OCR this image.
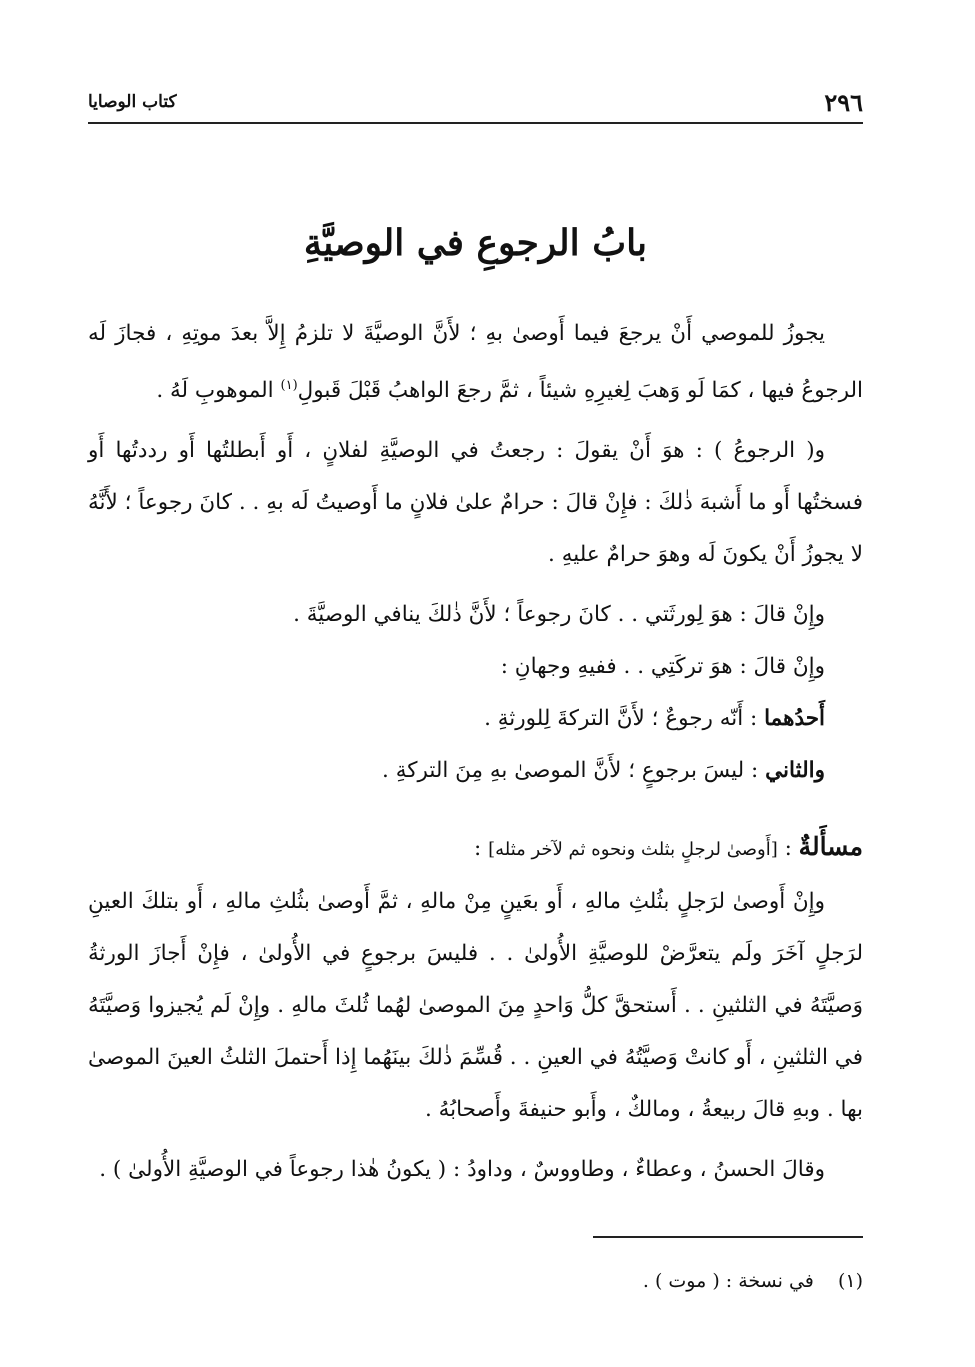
٢٩٦
كتاب الوصايا
بابُ الرجوعِ في الوصيَّةِ

يجوزُ للموصي أَنْ يرجعَ فيما أَوصىٰ بهِ ؛ لأَنَّ الوصيَّةَ لا تلزمُ إِلاَّ بعدَ موتِهِ ، فجازَ لَه الرجوعُ فيها ، كمَا لَو وَهبَ لِغيرِهِ شيئاً ، ثمَّ رجعَ الواهبُ قَبْلَ قَبولِ$^{(١)}$ الموهوبِ لَهُ .

و( الرجوعُ ) : هوَ أَنْ يقولَ : رجعتُ في الوصيَّةِ لفلانٍ ، أَو أَبطلتُها أَو رددتُها أَو فسختُها أَو ما أَشبهَ ذٰلكَ : فإِنْ قالَ : حرامٌ علىٰ فلانٍ ما أَوصيتُ لَه بهِ . . كانَ رجوعاً ؛ لأَنَّهُ لا يجوزُ أَنْ يكونَ لَه وهوَ حرامٌ عليهِ .

وإِنْ قالَ : هوَ لِورثَتي . . كانَ رجوعاً ؛ لأَنَّ ذٰلكَ ينافي الوصيَّةَ .

وإِنْ قالَ : هوَ تركَتِي . . ففيهِ وجهانِ :

أَحدُهما : أَنّه رجوعٌ ؛ لأَنَّ التركةَ لِلورثةِ .

والثاني : ليسَ برجوعٍ ؛ لأَنَّ الموصىٰ بهِ مِنَ التركةِ .

مسأَلةٌ : [أَوصىٰ لرجلٍ بثلث ونحوه ثم لآخر مثله] :

وإِنْ أَوصىٰ لرَجلٍ بثُلثِ مالهِ ، أَو بعَينٍ مِنْ مالهِ ، ثمَّ أَوصىٰ بثُلثِ مالهِ ، أَو بتلكَ العينِ لرَجلٍ آخَرَ ولَم يتعرَّضْ للوصيَّةِ الأُولىٰ . . فليسَ برجوعٍ في الأُولىٰ ، فإِنْ أَجازَ الورثةُ وَصيَّتَهُ في الثلثينِ . . أَستحقَّ كلُّ وَاحدٍ مِنَ الموصىٰ لهُما ثُلثَ مالهِ . وإِنْ لَم يُجيزوا وَصيَّتَهُ في الثلثينِ ، أَو كانتْ وَصيَّتُهُ في العينِ . . قُسِّمَ ذٰلكَ بينَهُما إِذا أَحتملَ الثلثُ العينَ الموصىٰ بها . وبهِ قالَ ربيعةُ ، ومالكٌ ، وأَبو حنيفةَ وأَصحابُهُ .

وقالَ الحسنُ ، وعطاءٌ ، وطاووسٌ ، وداودُ : ( يكونُ هٰذا رجوعاً في الوصيَّةِ الأُولىٰ ) .

(١) في نسخة : ( موت ) .
